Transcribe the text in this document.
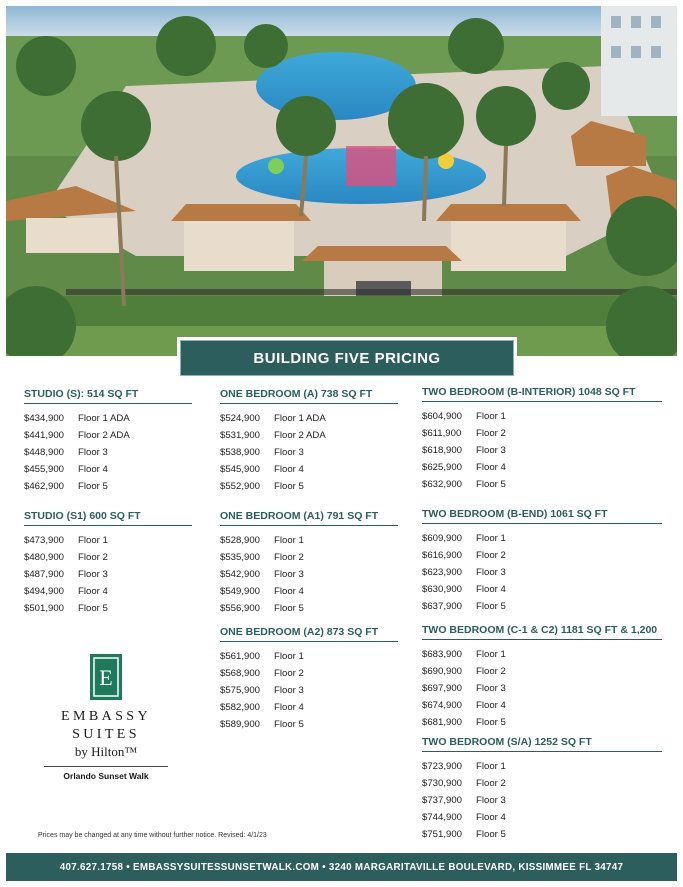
BUILDING FIVE PRICING
STUDIO (S): 514 SQ FT
$434,900	Floor 1 ADA
$441,900	Floor 2 ADA
$448,900	Floor 3
$455,900	Floor 4
$462,900	Floor 5
STUDIO (S1) 600 SQ FT
$473,900	Floor 1
$480,900	Floor 2
$487,900	Floor 3
$494,900	Floor 4
$501,900	Floor 5
ONE BEDROOM (A) 738 SQ FT
$524,900	Floor 1 ADA
$531,900	Floor 2 ADA
$538,900	Floor 3
$545,900	Floor 4
$552,900	Floor 5
ONE BEDROOM (A1) 791 SQ FT
$528,900	Floor 1
$535,900	Floor 2
$542,900	Floor 3
$549,900	Floor 4
$556,900	Floor 5
ONE BEDROOM (A2) 873 SQ FT
$561,900	Floor 1
$568,900	Floor 2
$575,900	Floor 3
$582,900	Floor 4
$589,900	Floor 5
TWO BEDROOM (B-INTERIOR) 1048 SQ FT
$604,900	Floor 1
$611,900	Floor 2
$618,900	Floor 3
$625,900	Floor 4
$632,900	Floor 5
TWO BEDROOM (B-END) 1061 SQ FT
$609,900	Floor 1
$616,900	Floor 2
$623,900	Floor 3
$630,900	Floor 4
$637,900	Floor 5
TWO BEDROOM (C-1 & C2) 1181 SQ FT & 1,200
$683,900	Floor 1
$690,900	Floor 2
$697,900	Floor 3
$674,900	Floor 4
$681,900	Floor 5
TWO BEDROOM (S/A) 1252 SQ FT
$723,900	Floor 1
$730,900	Floor 2
$737,900	Floor 3
$744,900	Floor 4
$751,900	Floor 5
E
EMBASSY
SUITES
by Hilton™
Orlando Sunset Walk
Prices may be changed at any time without further notice. Revised: 4/1/23
407.627.1758 • EMBASSYSUITESSUNSETWALK.COM • 3240 MARGARITAVILLE BOULEVARD, KISSIMMEE FL 34747
